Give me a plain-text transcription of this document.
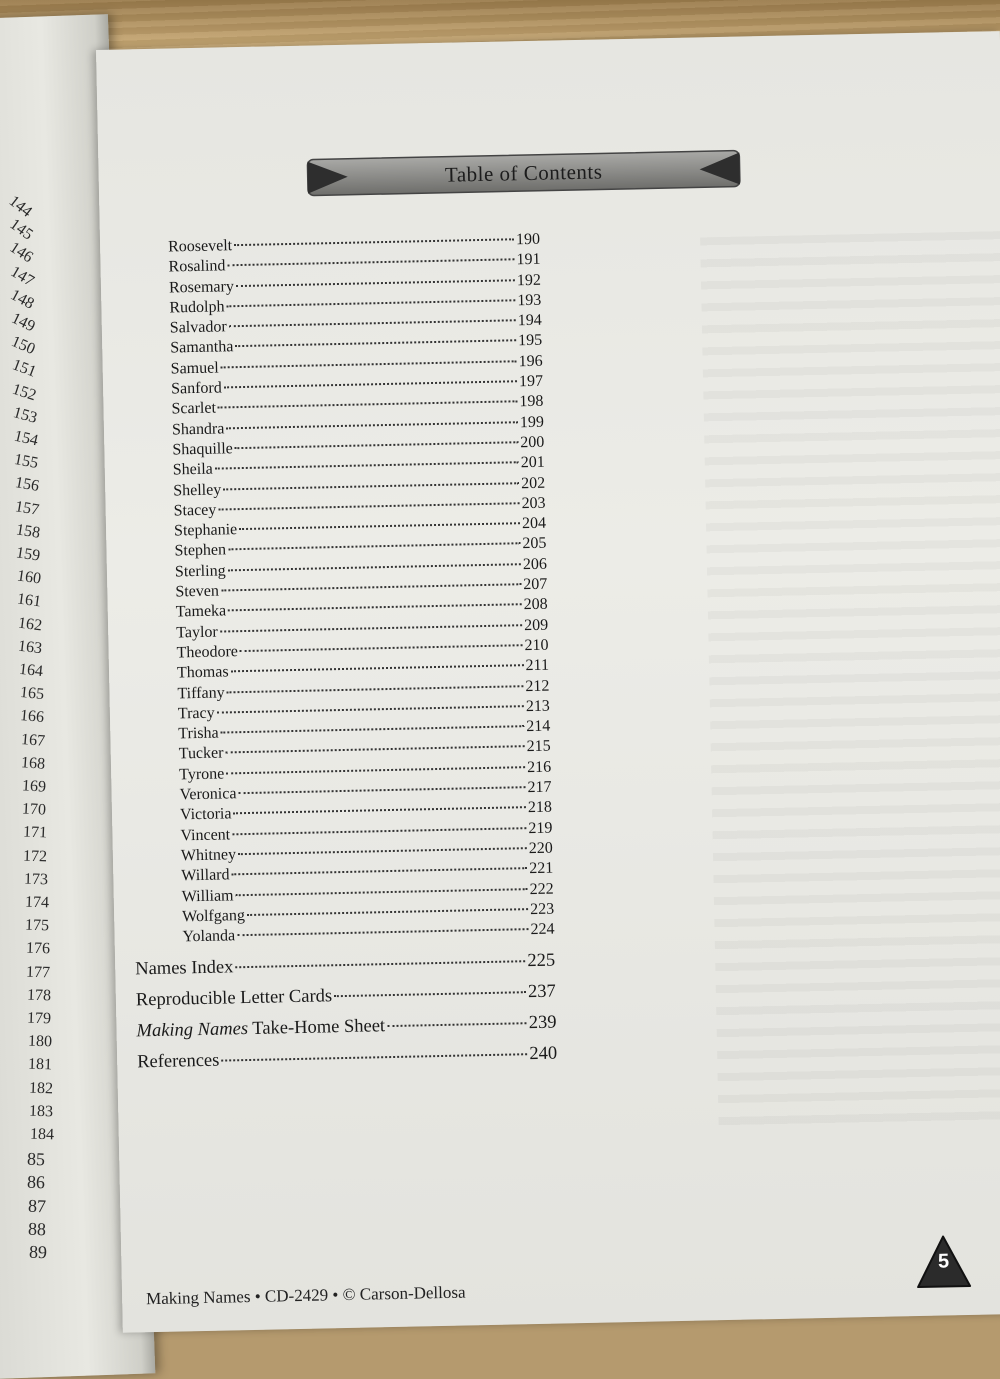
144
145
146
147
148
149
150
151
152
153
154
155
156
157
158
159
160
161
162
163
164
165
166
167
168
169
170
171
172
173
174
175
176
177
178
179
180
181
182
183
184
85
86
87
88
89
Table of Contents
Roosevelt	190
Rosalind	191
Rosemary	192
Rudolph	193
Salvador	194
Samantha	195
Samuel	196
Sanford	197
Scarlet	198
Shandra	199
Shaquille	200
Sheila	201
Shelley	202
Stacey	203
Stephanie	204
Stephen	205
Sterling	206
Steven	207
Tameka	208
Taylor	209
Theodore	210
Thomas	211
Tiffany	212
Tracy	213
Trisha	214
Tucker	215
Tyrone	216
Veronica	217
Victoria	218
Vincent	219
Whitney	220
Willard	221
William	222
Wolfgang	223
Yolanda	224
Names Index	225
Reproducible Letter Cards	237
Making Names Take-Home Sheet	239
References	240
Making Names • CD-2429 • © Carson-Dellosa
5
